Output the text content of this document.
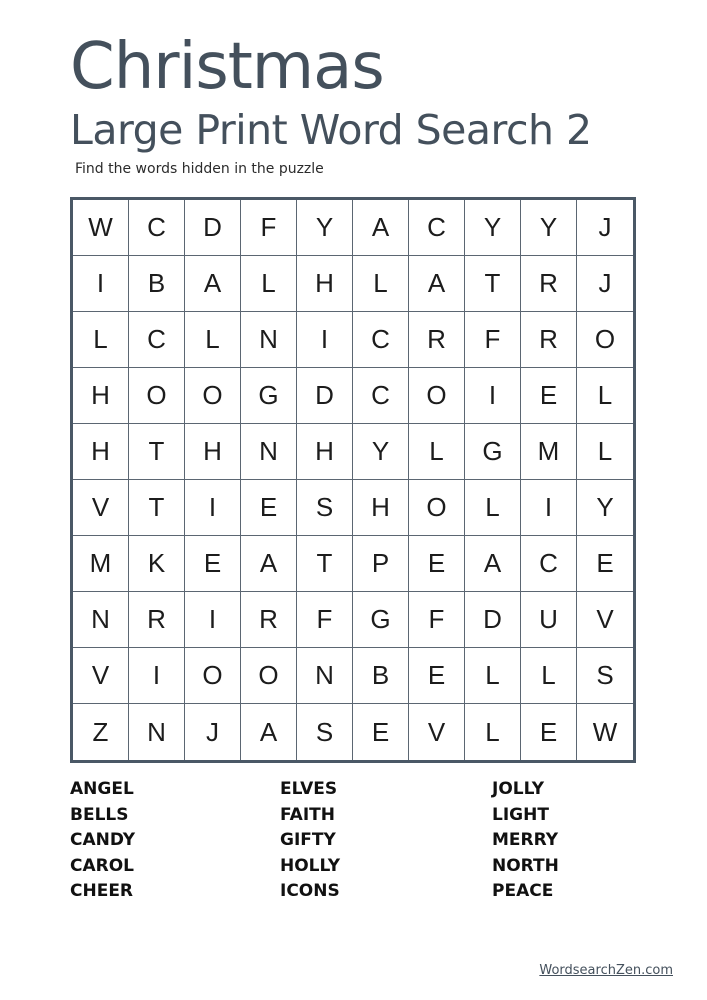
Christmas
Large Print Word Search 2
Find the words hidden in the puzzle
W	C	D	F	Y	A	C	Y	Y	J
I	B	A	L	H	L	A	T	R	J
L	C	L	N	I	C	R	F	R	O
H	O	O	G	D	C	O	I	E	L
H	T	H	N	H	Y	L	G	M	L
V	T	I	E	S	H	O	L	I	Y
M	K	E	A	T	P	E	A	C	E
N	R	I	R	F	G	F	D	U	V
V	I	O	O	N	B	E	L	L	S
Z	N	J	A	S	E	V	L	E	W
ANGEL
BELLS
CANDY
CAROL
CHEER
ELVES
FAITH
GIFTY
HOLLY
ICONS
JOLLY
LIGHT
MERRY
NORTH
PEACE
WordsearchZen.com
